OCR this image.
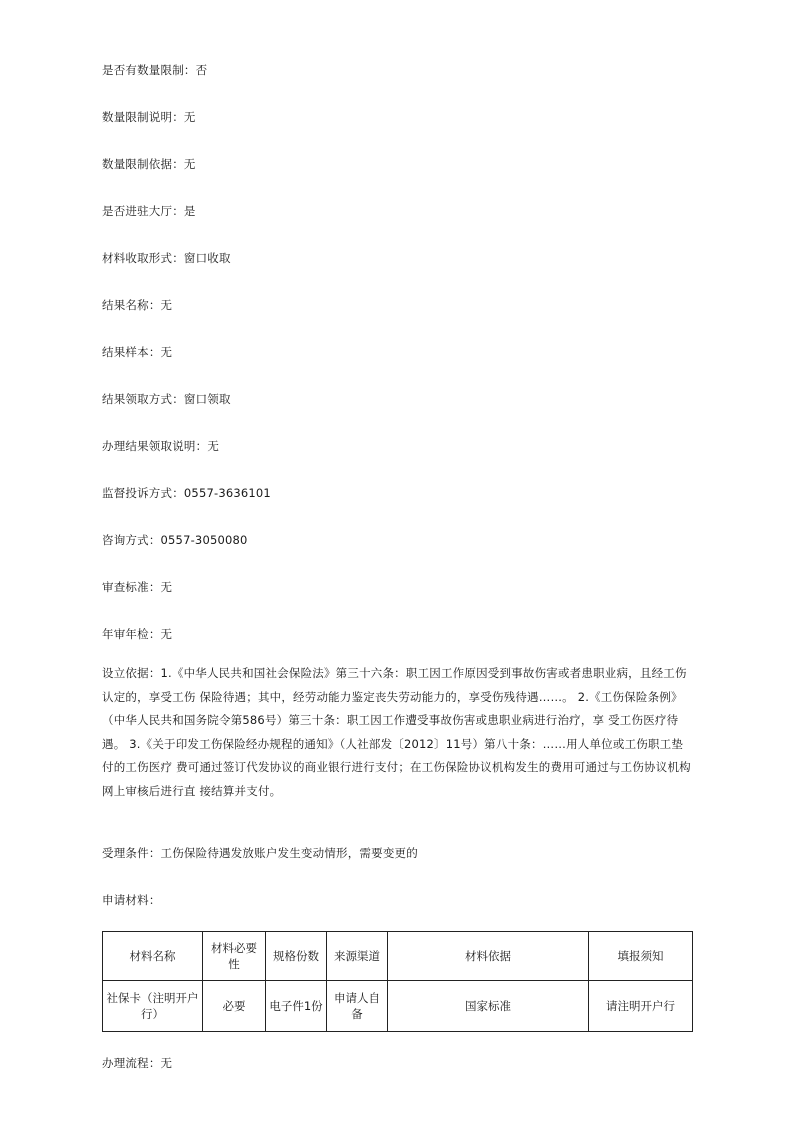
是否有数量限制：否
数量限制说明：无
数量限制依据：无
是否进驻大厅：是
材料收取形式：窗口收取
结果名称：无
结果样本：无
结果领取方式：窗口领取
办理结果领取说明：无
监督投诉方式：0557-3636101
咨询方式：0557-3050080
审查标准：无
年审年检：无
设立依据：1.《中华人民共和国社会保险法》第三十六条：职工因工作原因受到事故伤害或者患职业病，且经工伤认定的，享受工伤 保险待遇；其中，经劳动能力鉴定丧失劳动能力的，享受伤残待遇……。 2.《工伤保险条例》（中华人民共和国务院令第586号）第三十条：职工因工作遭受事故伤害或患职业病进行治疗，享 受工伤医疗待遇。 3.《关于印发工伤保险经办规程的通知》（人社部发〔2012〕11号）第八十条：……用人单位或工伤职工垫付的工伤医疗 费可通过签订代发协议的商业银行进行支付；在工伤保险协议机构发生的费用可通过与工伤协议机构网上审核后进行直 接结算并支付。
受理条件：工伤保险待遇发放账户发生变动情形，需要变更的
申请材料：
材料名称	材料必要性	规格份数	来源渠道	材料依据	填报须知
社保卡（注明开户行）	必要	电子件1份	申请人自备	国家标准	请注明开户行
办理流程：无
